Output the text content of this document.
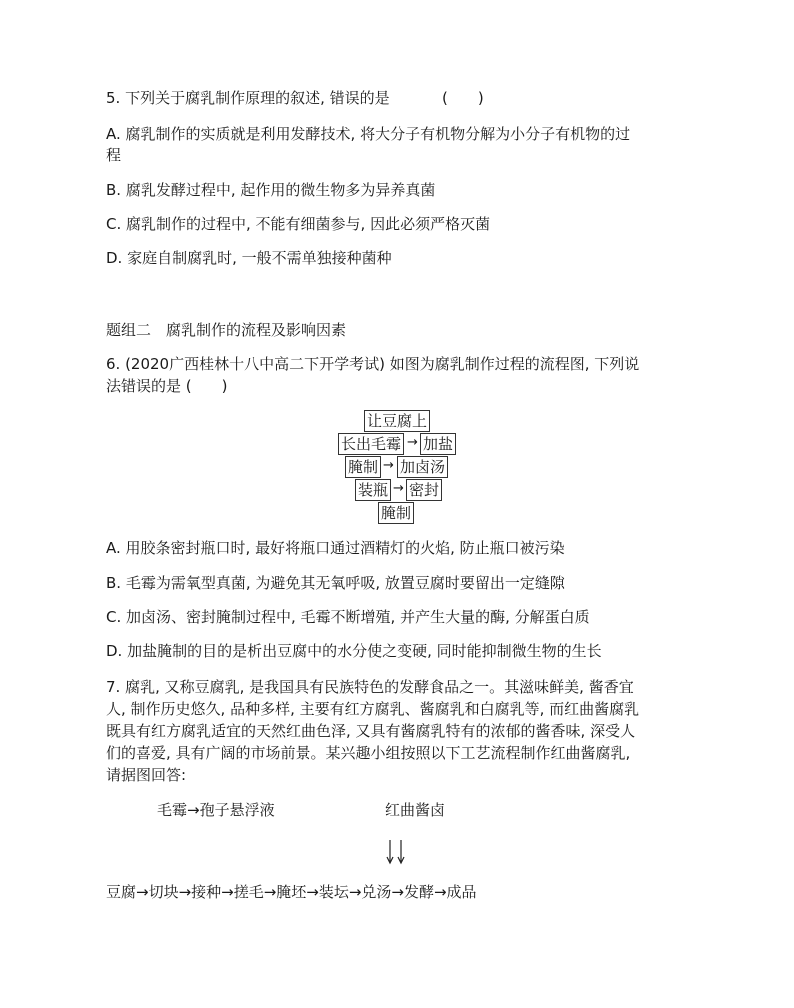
5. 下列关于腐乳制作原理的叙述, 错误的是	(　　)
A. 腐乳制作的实质就是利用发酵技术, 将大分子有机物分解为小分子有机物的过
程
B. 腐乳发酵过程中, 起作用的微生物多为异养真菌
C. 腐乳制作的过程中, 不能有细菌参与, 因此必须严格灭菌
D. 家庭自制腐乳时, 一般不需单独接种菌种
题组二　腐乳制作的流程及影响因素
6. (2020广西桂林十八中高二下开学考试) 如图为腐乳制作过程的流程图, 下列说
法错误的是 (　　)
让豆腐上
长出毛霉 → 加盐
腌制 → 加卤汤
装瓶 → 密封
腌制
A. 用胶条密封瓶口时, 最好将瓶口通过酒精灯的火焰, 防止瓶口被污染
B. 毛霉为需氧型真菌, 为避免其无氧呼吸, 放置豆腐时要留出一定缝隙
C. 加卤汤、密封腌制过程中, 毛霉不断增殖, 并产生大量的酶, 分解蛋白质
D. 加盐腌制的目的是析出豆腐中的水分使之变硬, 同时能抑制微生物的生长
7. 腐乳, 又称豆腐乳, 是我国具有民族特色的发酵食品之一。其滋味鲜美, 酱香宜
人, 制作历史悠久, 品种多样, 主要有红方腐乳、酱腐乳和白腐乳等, 而红曲酱腐乳
既具有红方腐乳适宜的天然红曲色泽, 又具有酱腐乳特有的浓郁的酱香味, 深受人
们的喜爱, 具有广阔的市场前景。某兴趣小组按照以下工艺流程制作红曲酱腐乳,
请据图回答:
毛霉→孢子悬浮液	红曲酱卤
豆腐→切块→接种→搓毛→腌坯→装坛→兑汤→发酵→成品
